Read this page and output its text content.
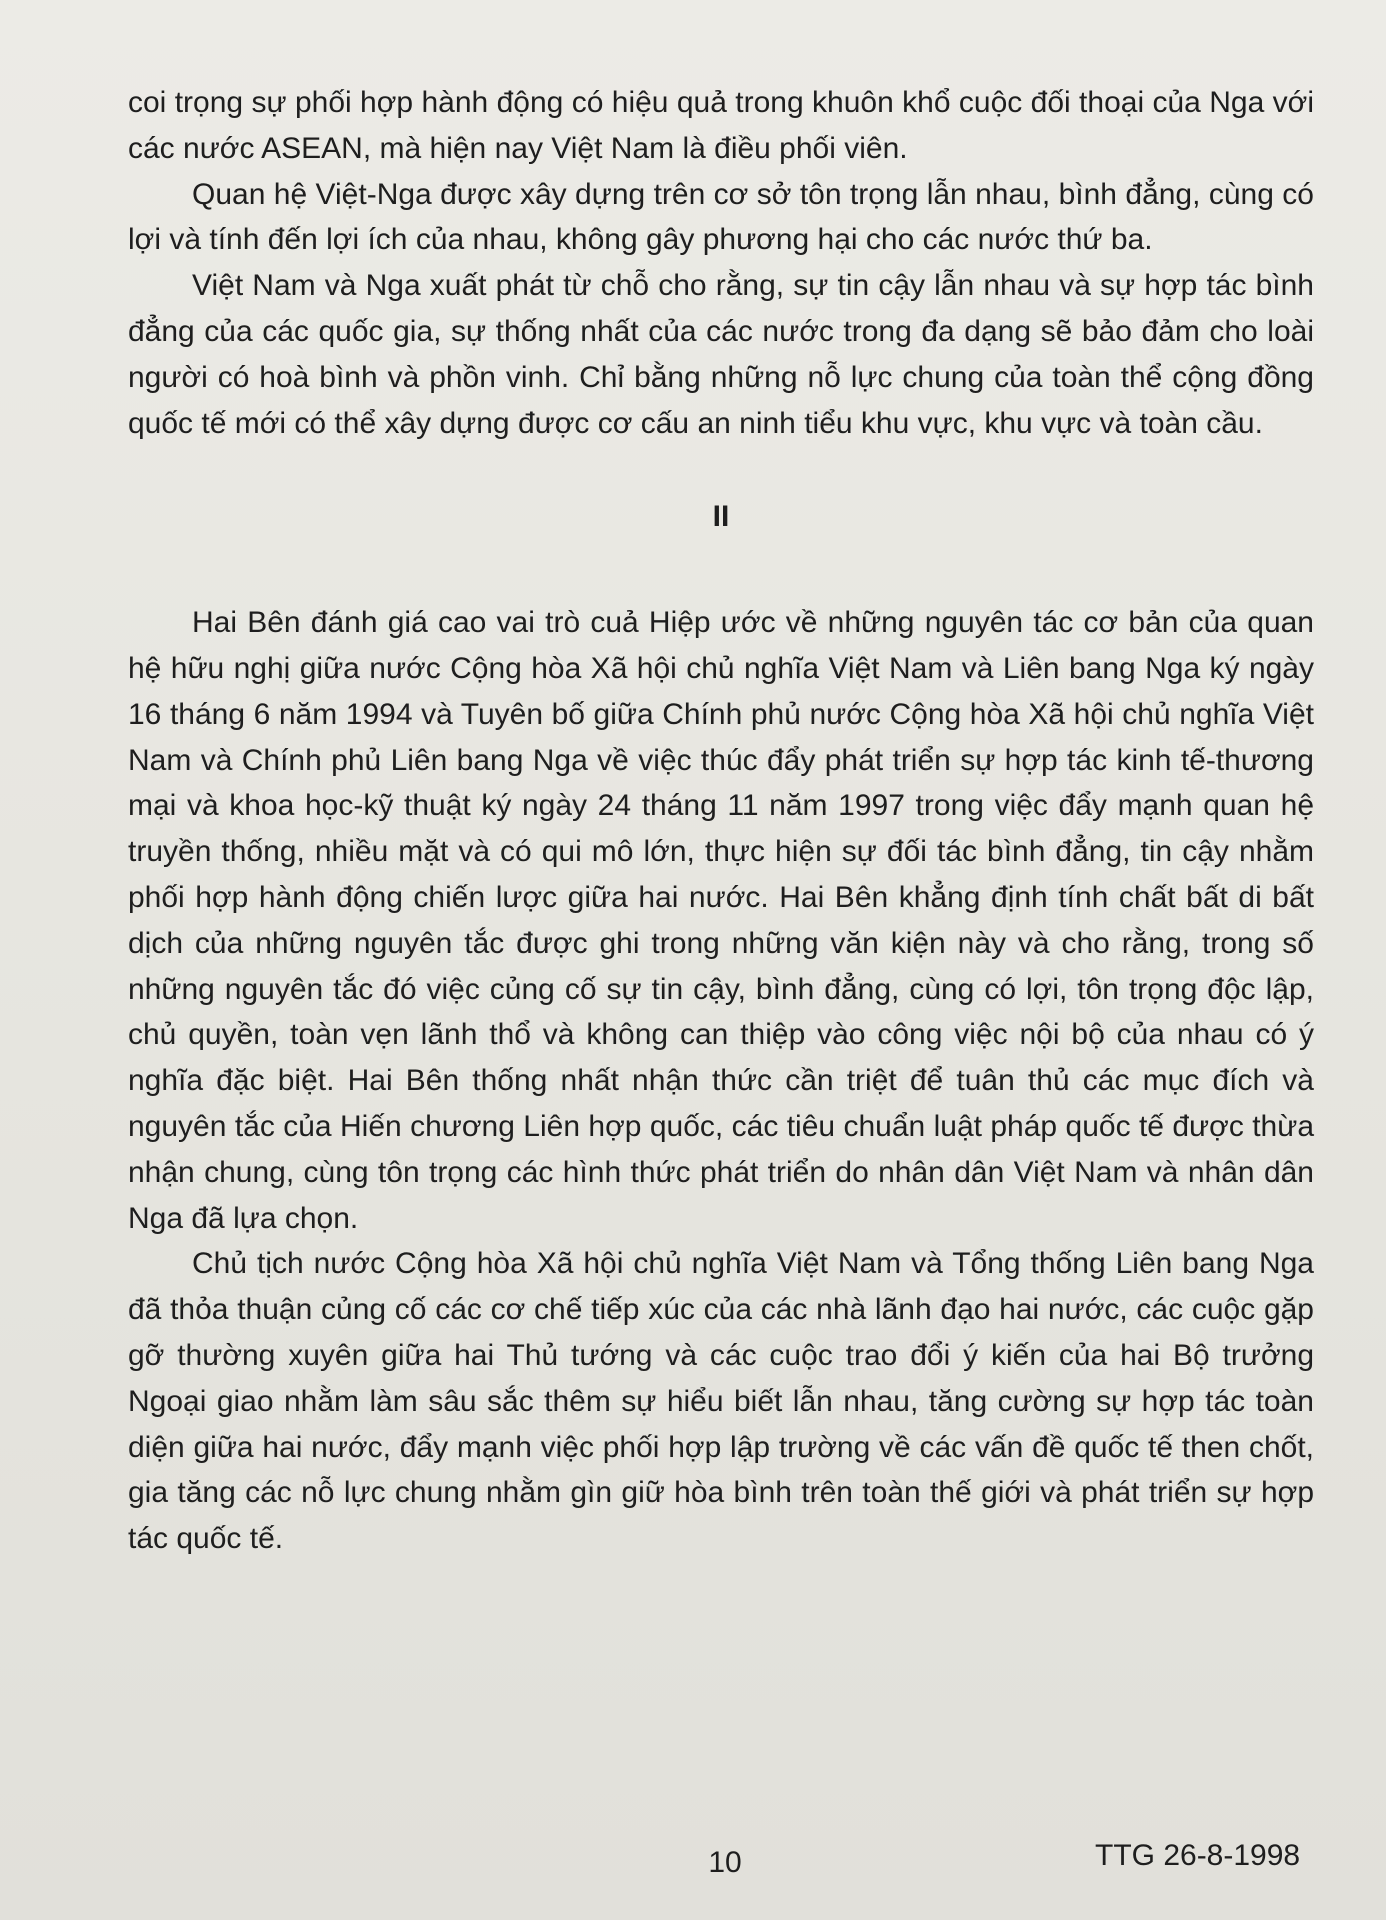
coi trọng sự phối hợp hành động có hiệu quả trong khuôn khổ cuộc đối thoại của Nga với các nước ASEAN, mà hiện nay Việt Nam là điều phối viên.

Quan hệ Việt-Nga được xây dựng trên cơ sở tôn trọng lẫn nhau, bình đẳng, cùng có lợi và tính đến lợi ích của nhau, không gây phương hại cho các nước thứ ba.

Việt Nam và Nga xuất phát từ chỗ cho rằng, sự tin cậy lẫn nhau và sự hợp tác bình đẳng của các quốc gia, sự thống nhất của các nước trong đa dạng sẽ bảo đảm cho loài người có hoà bình và phồn vinh. Chỉ bằng những nỗ lực chung của toàn thể cộng đồng quốc tế mới có thể xây dựng được cơ cấu an ninh tiểu khu vực, khu vực và toàn cầu.

II

Hai Bên đánh giá cao vai trò cuả Hiệp ước về những nguyên tác cơ bản của quan hệ hữu nghị giữa nước Cộng hòa Xã hội chủ nghĩa Việt Nam và Liên bang Nga ký ngày 16 tháng 6 năm 1994 và Tuyên bố giữa Chính phủ nước Cộng hòa Xã hội chủ nghĩa Việt Nam và Chính phủ Liên bang Nga về việc thúc đẩy phát triển sự hợp tác kinh tế-thương mại và khoa học-kỹ thuật ký ngày 24 tháng 11 năm 1997 trong việc đẩy mạnh quan hệ truyền thống, nhiều mặt và có qui mô lớn, thực hiện sự đối tác bình đẳng, tin cậy nhằm phối hợp hành động chiến lược giữa hai nước. Hai Bên khẳng định tính chất bất di bất dịch của những nguyên tắc được ghi trong những văn kiện này và cho rằng, trong số những nguyên tắc đó việc củng cố sự tin cậy, bình đẳng, cùng có lợi, tôn trọng độc lập, chủ quyền, toàn vẹn lãnh thổ và không can thiệp vào công việc nội bộ của nhau có ý nghĩa đặc biệt. Hai Bên thống nhất nhận thức cần triệt để tuân thủ các mục đích và nguyên tắc của Hiến chương Liên hợp quốc, các tiêu chuẩn luật pháp quốc tế được thừa nhận chung, cùng tôn trọng các hình thức phát triển do nhân dân Việt Nam và nhân dân Nga đã lựa chọn.

Chủ tịch nước Cộng hòa Xã hội chủ nghĩa Việt Nam và Tổng thống Liên bang Nga đã thỏa thuận củng cố các cơ chế tiếp xúc của các nhà lãnh đạo hai nước, các cuộc gặp gỡ thường xuyên giữa hai Thủ tướng và các cuộc trao đổi ý kiến của hai Bộ trưởng Ngoại giao nhằm làm sâu sắc thêm sự hiểu biết lẫn nhau, tăng cường sự hợp tác toàn diện giữa hai nước, đẩy mạnh việc phối hợp lập trường về các vấn đề quốc tế then chốt, gia tăng các nỗ lực chung nhằm gìn giữ hòa bình trên toàn thế giới và phát triển sự hợp tác quốc tế.

10	TTG 26-8-1998
